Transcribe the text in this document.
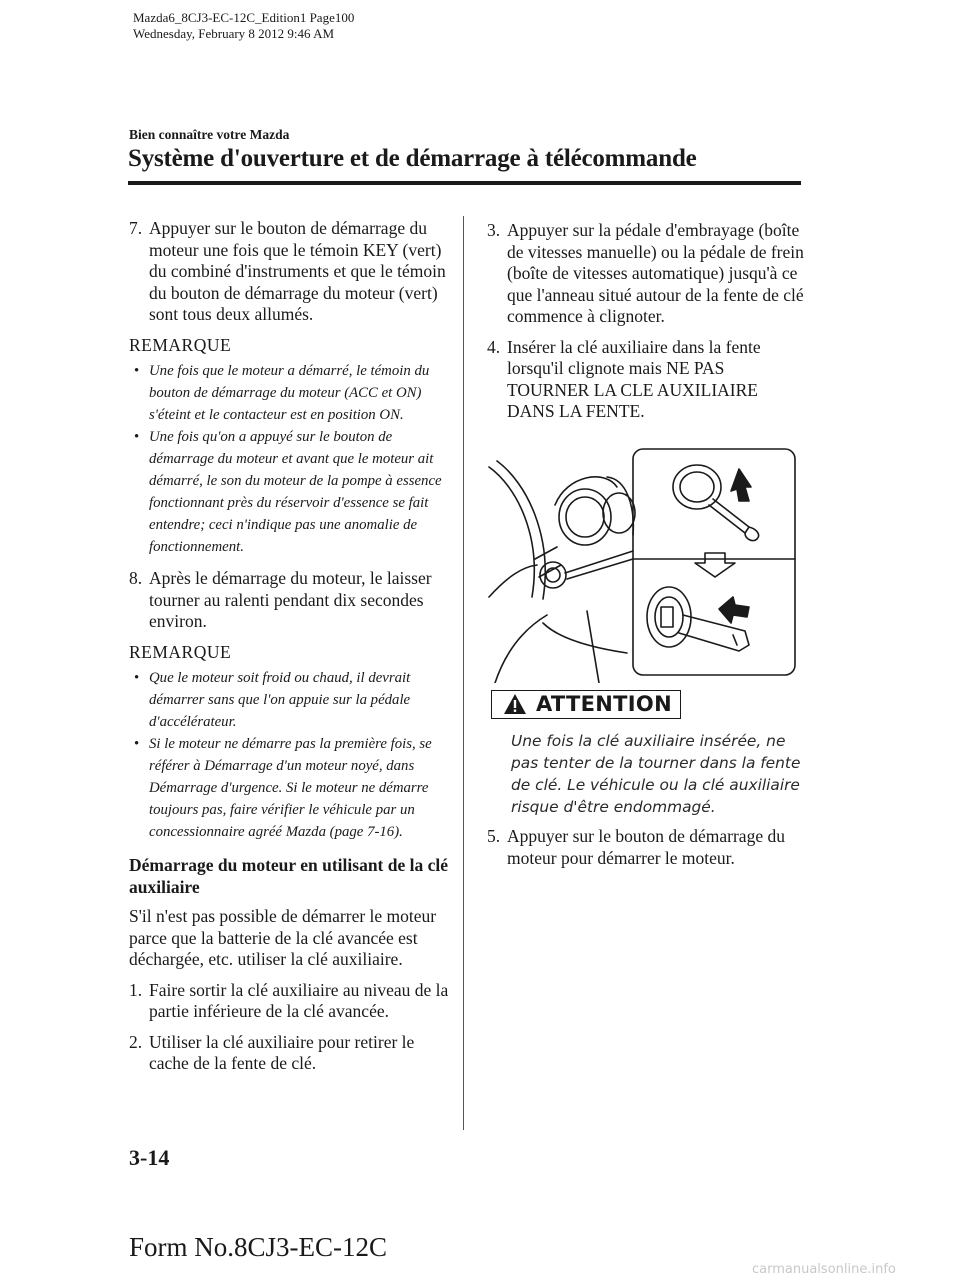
Mazda6_8CJ3-EC-12C_Edition1 Page100
Wednesday, February 8 2012 9:46 AM
Bien connaître votre Mazda
Système d'ouverture et de démarrage à télécommande

7. Appuyer sur le bouton de démarrage du moteur une fois que le témoin KEY (vert) du combiné d'instruments et que le témoin du bouton de démarrage du moteur (vert) sont tous deux allumés.

REMARQUE
• Une fois que le moteur a démarré, le témoin du bouton de démarrage du moteur (ACC et ON) s'éteint et le contacteur est en position ON.
• Une fois qu'on a appuyé sur le bouton de démarrage du moteur et avant que le moteur ait démarré, le son du moteur de la pompe à essence fonctionnant près du réservoir d'essence se fait entendre; ceci n'indique pas une anomalie de fonctionnement.

8. Après le démarrage du moteur, le laisser tourner au ralenti pendant dix secondes environ.

REMARQUE
• Que le moteur soit froid ou chaud, il devrait démarrer sans que l'on appuie sur la pédale d'accélérateur.
• Si le moteur ne démarre pas la première fois, se référer à Démarrage d'un moteur noyé, dans Démarrage d'urgence. Si le moteur ne démarre toujours pas, faire vérifier le véhicule par un concessionnaire agréé Mazda (page 7-16).
Démarrage du moteur en utilisant de la clé auxiliaire

S'il n'est pas possible de démarrer le moteur parce que la batterie de la clé avancée est déchargée, etc. utiliser la clé auxiliaire.

1. Faire sortir la clé auxiliaire au niveau de la partie inférieure de la clé avancée.

2. Utiliser la clé auxiliaire pour retirer le cache de la fente de clé.

3. Appuyer sur la pédale d'embrayage (boîte de vitesses manuelle) ou la pédale de frein (boîte de vitesses automatique) jusqu'à ce que l'anneau situé autour de la fente de clé commence à clignoter.

4. Insérer la clé auxiliaire dans la fente lorsqu'il clignote mais NE PAS TOURNER LA CLE AUXILIAIRE DANS LA FENTE.

ATTENTION
Une fois la clé auxiliaire insérée, ne pas tenter de la tourner dans la fente de clé. Le véhicule ou la clé auxiliaire risque d'être endommagé.

5. Appuyer sur le bouton de démarrage du moteur pour démarrer le moteur.

3-14
Form No.8CJ3-EC-12C
carmanualsonline.info
